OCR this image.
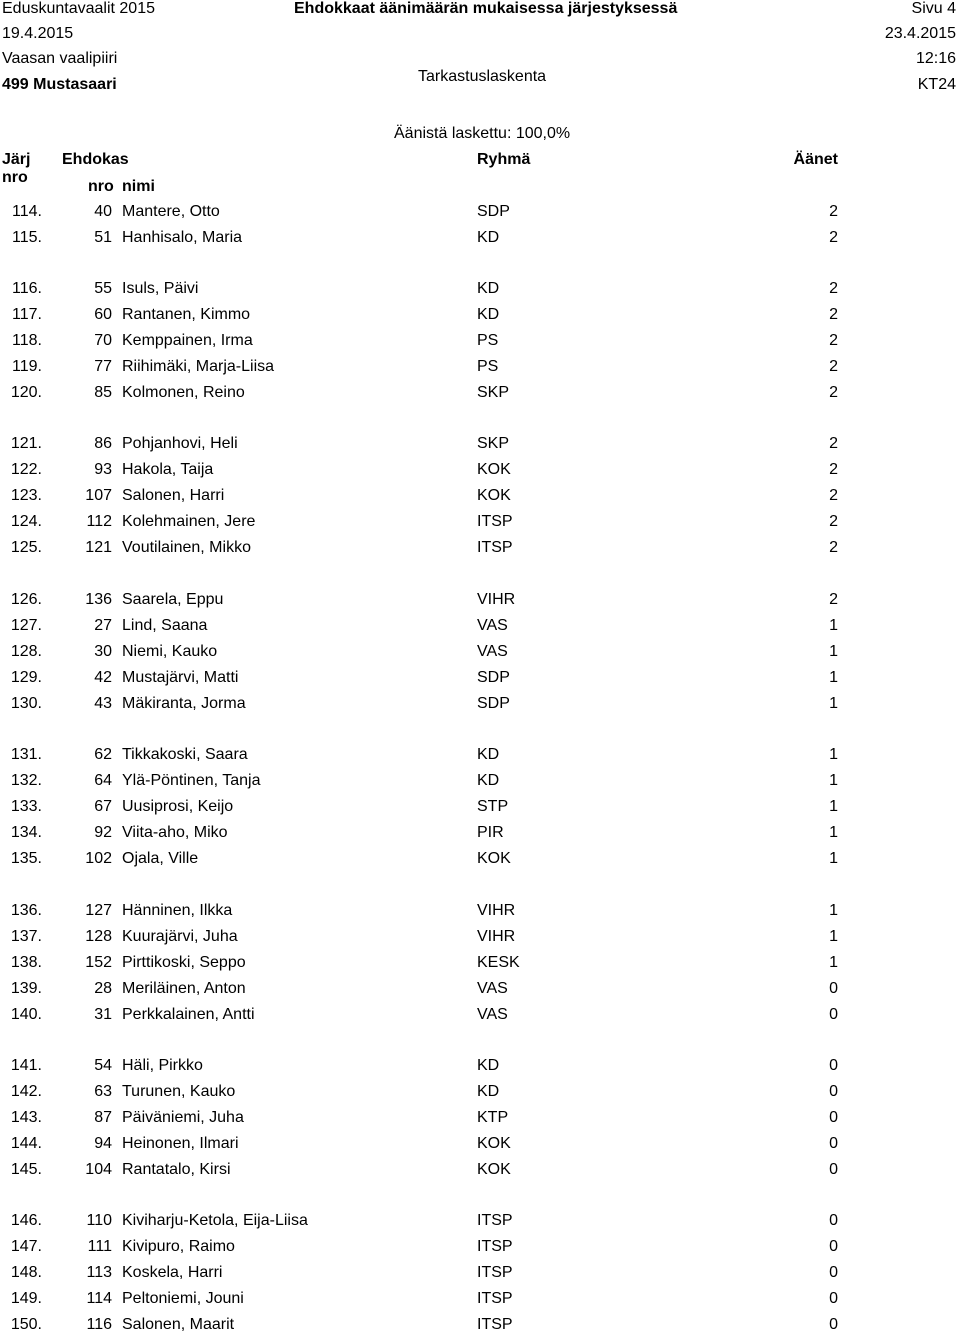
Eduskuntavaalit 2015	Ehdokkaat äänimäärän mukaisessa järjestyksessä	Sivu 4
19.4.2015	23.4.2015
Vaasan vaalipiiri	12:16
499 Mustasaari	Tarkastuslaskenta	KT24
Äänistä laskettu: 100,0%
Järj
nro
Ehdokas
nro nimi
Ryhmä	Äänet
114.	40 Mantere, Otto	SDP	2
115.	51 Hanhisalo, Maria	KD	2
116.	55 Isuls, Päivi	KD	2
117.	60 Rantanen, Kimmo	KD	2
118.	70 Kemppainen, Irma	PS	2
119.	77 Riihimäki, Marja-Liisa	PS	2
120.	85 Kolmonen, Reino	SKP	2
121.	86 Pohjanhovi, Heli	SKP	2
122.	93 Hakola, Taija	KOK	2
123.	107 Salonen, Harri	KOK	2
124.	112 Kolehmainen, Jere	ITSP	2
125.	121 Voutilainen, Mikko	ITSP	2
126.	136 Saarela, Eppu	VIHR	2
127.	27 Lind, Saana	VAS	1
128.	30 Niemi, Kauko	VAS	1
129.	42 Mustajärvi, Matti	SDP	1
130.	43 Mäkiranta, Jorma	SDP	1
131.	62 Tikkakoski, Saara	KD	1
132.	64 Ylä-Pöntinen, Tanja	KD	1
133.	67 Uusiprosi, Keijo	STP	1
134.	92 Viita-aho, Miko	PIR	1
135.	102 Ojala, Ville	KOK	1
136.	127 Hänninen, Ilkka	VIHR	1
137.	128 Kuurajärvi, Juha	VIHR	1
138.	152 Pirttikoski, Seppo	KESK	1
139.	28 Meriläinen, Anton	VAS	0
140.	31 Perkkalainen, Antti	VAS	0
141.	54 Häli, Pirkko	KD	0
142.	63 Turunen, Kauko	KD	0
143.	87 Päiväniemi, Juha	KTP	0
144.	94 Heinonen, Ilmari	KOK	0
145.	104 Rantatalo, Kirsi	KOK	0
146.	110 Kiviharju-Ketola, Eija-Liisa	ITSP	0
147.	111 Kivipuro, Raimo	ITSP	0
148.	113 Koskela, Harri	ITSP	0
149.	114 Peltoniemi, Jouni	ITSP	0
150.	116 Salonen, Maarit	ITSP	0
